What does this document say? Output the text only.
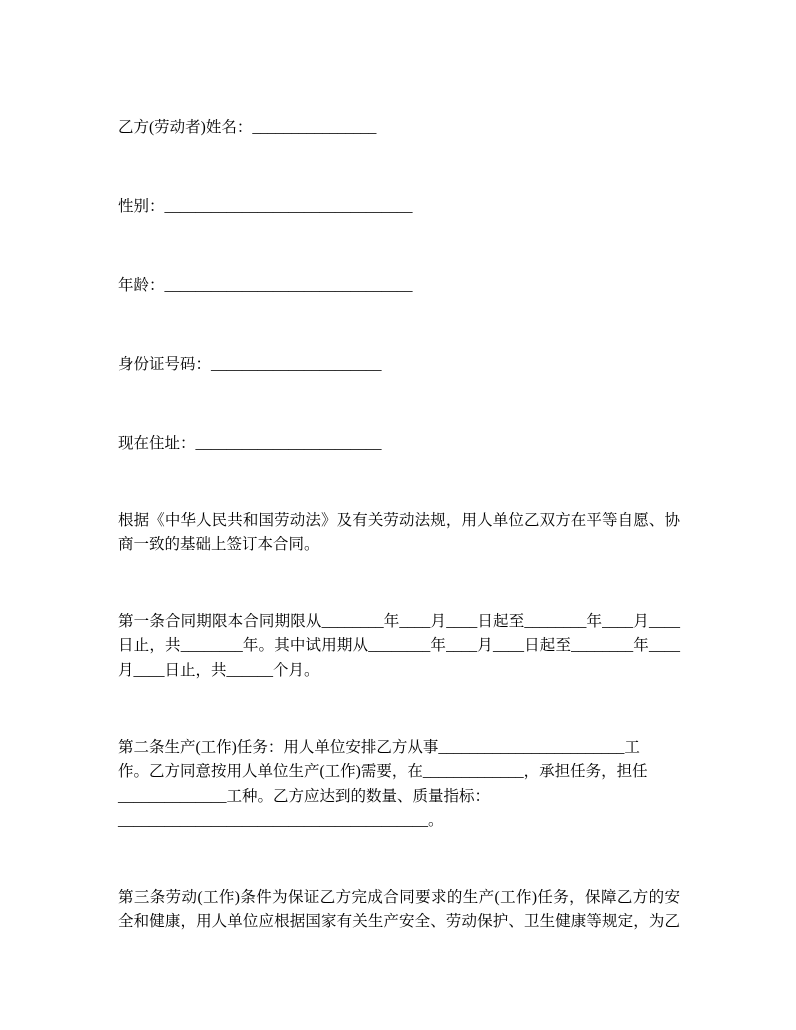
乙方(劳动者)姓名：________________
性别：________________________________
年龄：________________________________
身份证号码：______________________
现在住址：________________________
根据《中华人民共和国劳动法》及有关劳动法规，用人单位乙双方在平等自愿、协
商一致的基础上签订本合同。
第一条合同期限本合同期限从________年____月____日起至________年____月____
日止，共________年。其中试用期从________年____月____日起至________年____
月____日止，共______个月。
第二条生产(工作)任务：用人单位安排乙方从事________________________工
作。乙方同意按用人单位生产(工作)需要，在_____________，承担任务，担任
______________工种。乙方应达到的数量、质量指标：
________________________________________。
第三条劳动(工作)条件为保证乙方完成合同要求的生产(工作)任务，保障乙方的安
全和健康，用人单位应根据国家有关生产安全、劳动保护、卫生健康等规定，为乙
